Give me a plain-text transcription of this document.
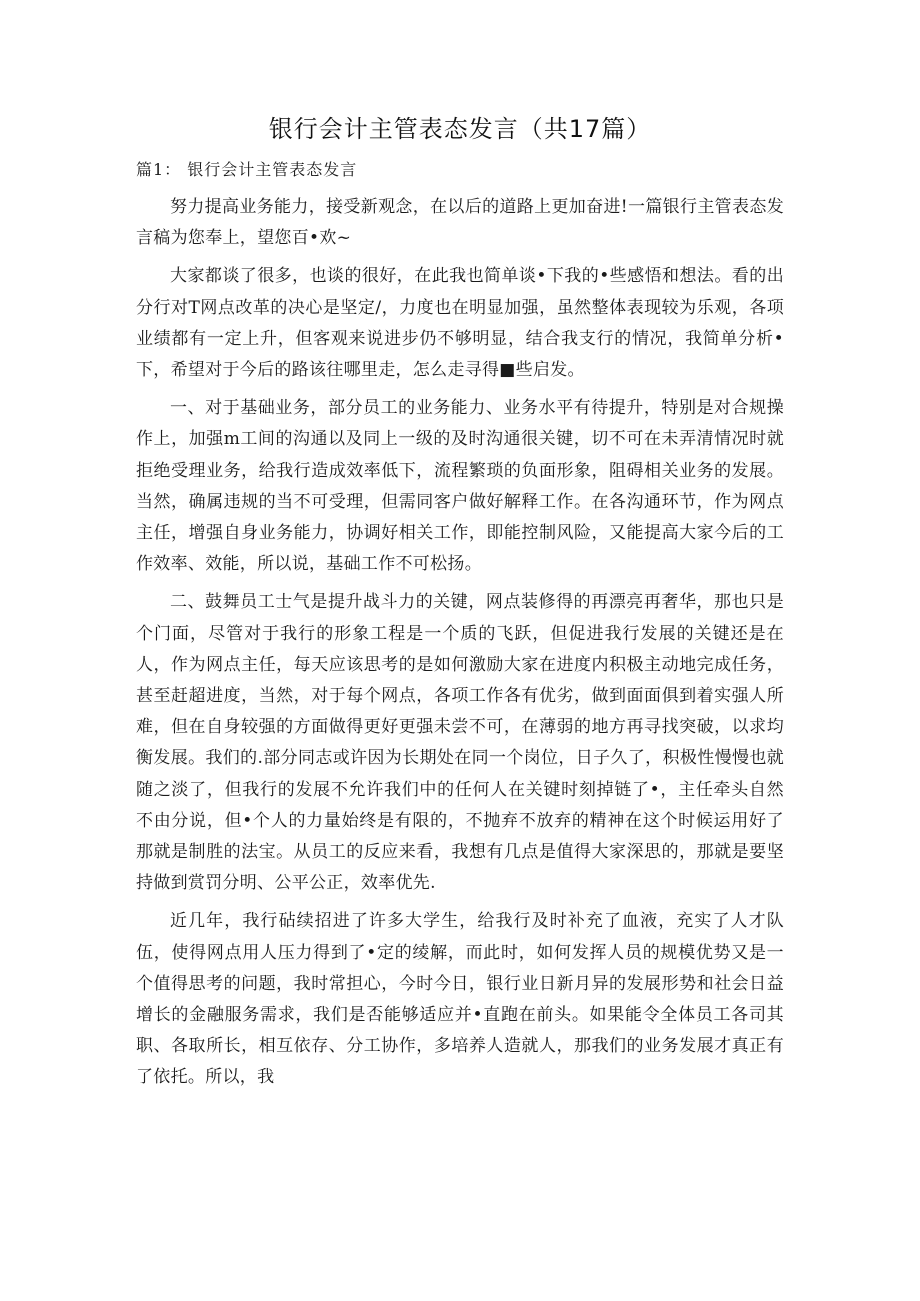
银行会计主管表态发言（共17篇）
篇1： 银行会计主管表态发言

努力提高业务能力，接受新观念，在以后的道路上更加奋进!一篇银行主管表态发言稿为您奉上，望您百•欢~

大家都谈了很多，也谈的很好，在此我也简单谈•下我的•些感悟和想法。看的出分行对T网点改革的决心是坚定/，力度也在明显加强，虽然整体表现较为乐观，各项业绩都有一定上升，但客观来说进步仍不够明显，结合我支行的情况，我简单分析•下，希望对于今后的路该往哪里走，怎么走寻得■些启发。

一、对于基础业务，部分员工的业务能力、业务水平有待提升，特别是对合规操作上，加强m工间的沟通以及同上一级的及时沟通很关键，切不可在未弄清情况时就拒绝受理业务，给我行造成效率低下，流程繁琐的负面形象，阻碍相关业务的发展。当然，确属违规的当不可受理，但需同客户做好解释工作。在各沟通环节，作为网点主任，增强自身业务能力，协调好相关工作，即能控制风险，又能提高大家今后的工作效率、效能，所以说，基础工作不可松扬。

二、鼓舞员工士气是提升战斗力的关键，网点装修得的再漂亮再奢华，那也只是个门面，尽管对于我行的形象工程是一个质的飞跃，但促进我行发展的关键还是在人，作为网点主任，每天应该思考的是如何激励大家在进度内积极主动地完成任务，甚至赶超进度，当然，对于每个网点，各项工作各有优劣，做到面面俱到着实强人所难，但在自身较强的方面做得更好更强未尝不可，在薄弱的地方再寻找突破，以求均衡发展。我们的.部分同志或许因为长期处在同一个岗位，日子久了，积极性慢慢也就随之淡了，但我行的发展不允许我们中的任何人在关键时刻掉链了•，主任牵头自然不由分说，但•个人的力量始终是有限的，不抛弃不放弃的精神在这个时候运用好了那就是制胜的法宝。从员工的反应来看，我想有几点是值得大家深思的，那就是要坚持做到赏罚分明、公平公正，效率优先.

近几年，我行砧续招进了许多大学生，给我行及时补充了血液，充实了人才队伍，使得网点用人压力得到了•定的绫解，而此时，如何发挥人员的规模优势又是一个值得思考的问题，我时常担心，今时今日，银行业日新月异的发展形势和社会日益增长的金融服务需求，我们是否能够适应并•直跑在前头。如果能令全体员工各司其职、各取所长，相互依存、分工协作，多培养人造就人，那我们的业务发展才真正有了依托。所以，我
